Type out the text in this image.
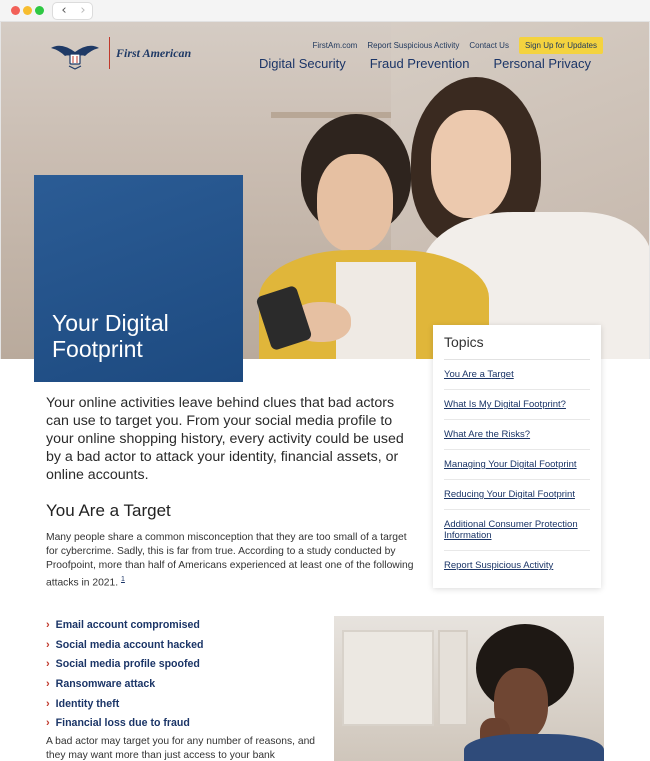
‹	›
First American	FirstAm.com Report Suspicious Activity Contact Us	Sign Up for Updates
Digital Security Fraud Prevention Personal Privacy
Your Digital
Footprint	Topics
You Are a Target
What Is My Digital Footprint?
What Are the Risks?
Managing Your Digital Footprint
Reducing Your Digital Footprint
Additional Consumer Protection Information
Report Suspicious Activity

Your online activities leave behind clues that bad actors can use to target you. From your social media profile to your online shopping history, every activity could be used by a bad actor to attack your identity, financial assets, or online accounts.

You Are a Target

Many people share a common misconception that they are too small of a target for cybercrime. Sadly, this is far from true. According to a study conducted by Proofpoint, more than half of Americans experienced at least one of the following attacks in 2021. $^1$

› Email account compromised
› Social media account hacked
› Social media profile spoofed
› Ransomware attack
› Identity theft
› Financial loss due to fraud

A bad actor may target you for any number of reasons, and they may want more than just access to your bank
